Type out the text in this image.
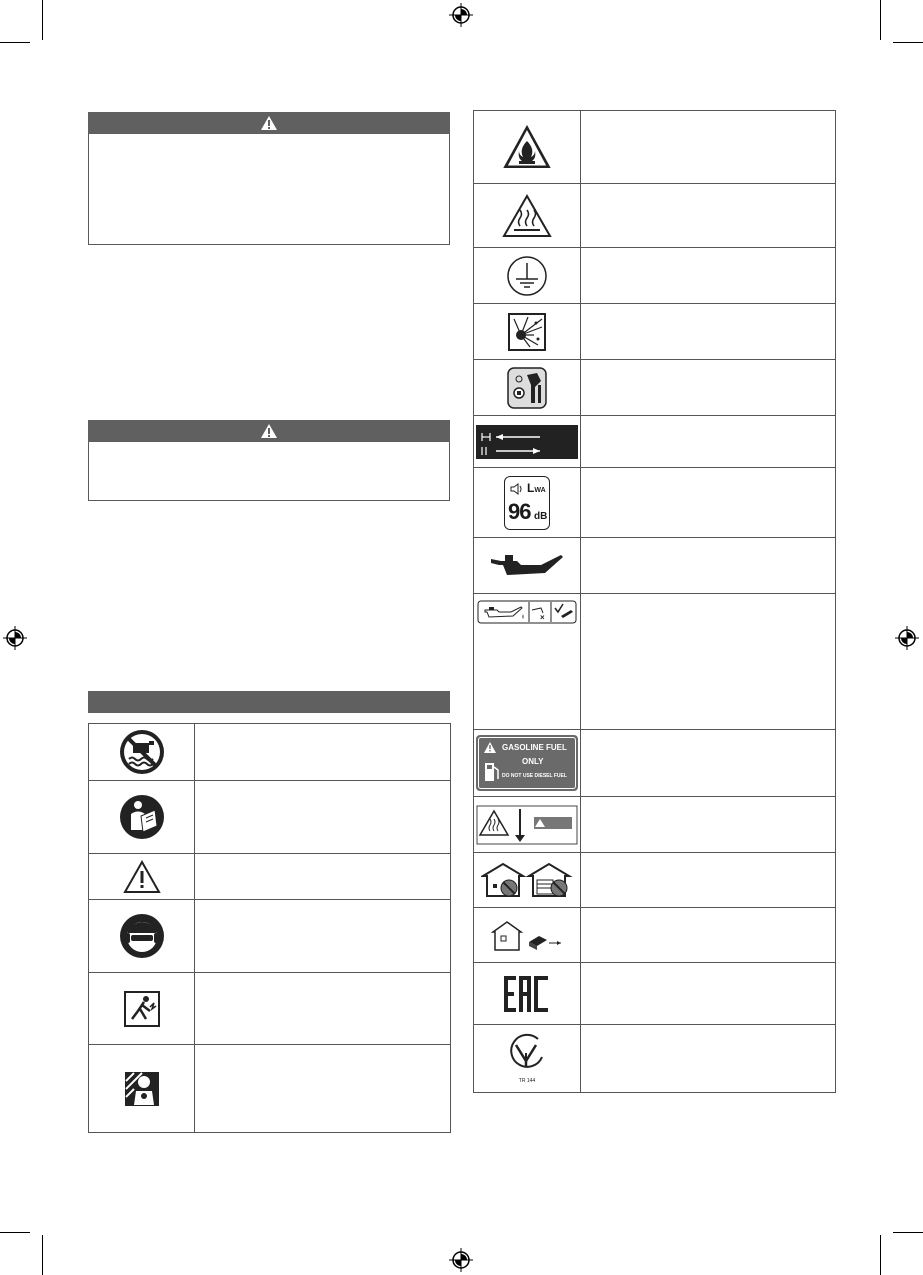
LWA
96 dB	

×	

GASOLINE FUEL
ONLY
DO NOT USE DIESEL FUEL	

TR 144	
